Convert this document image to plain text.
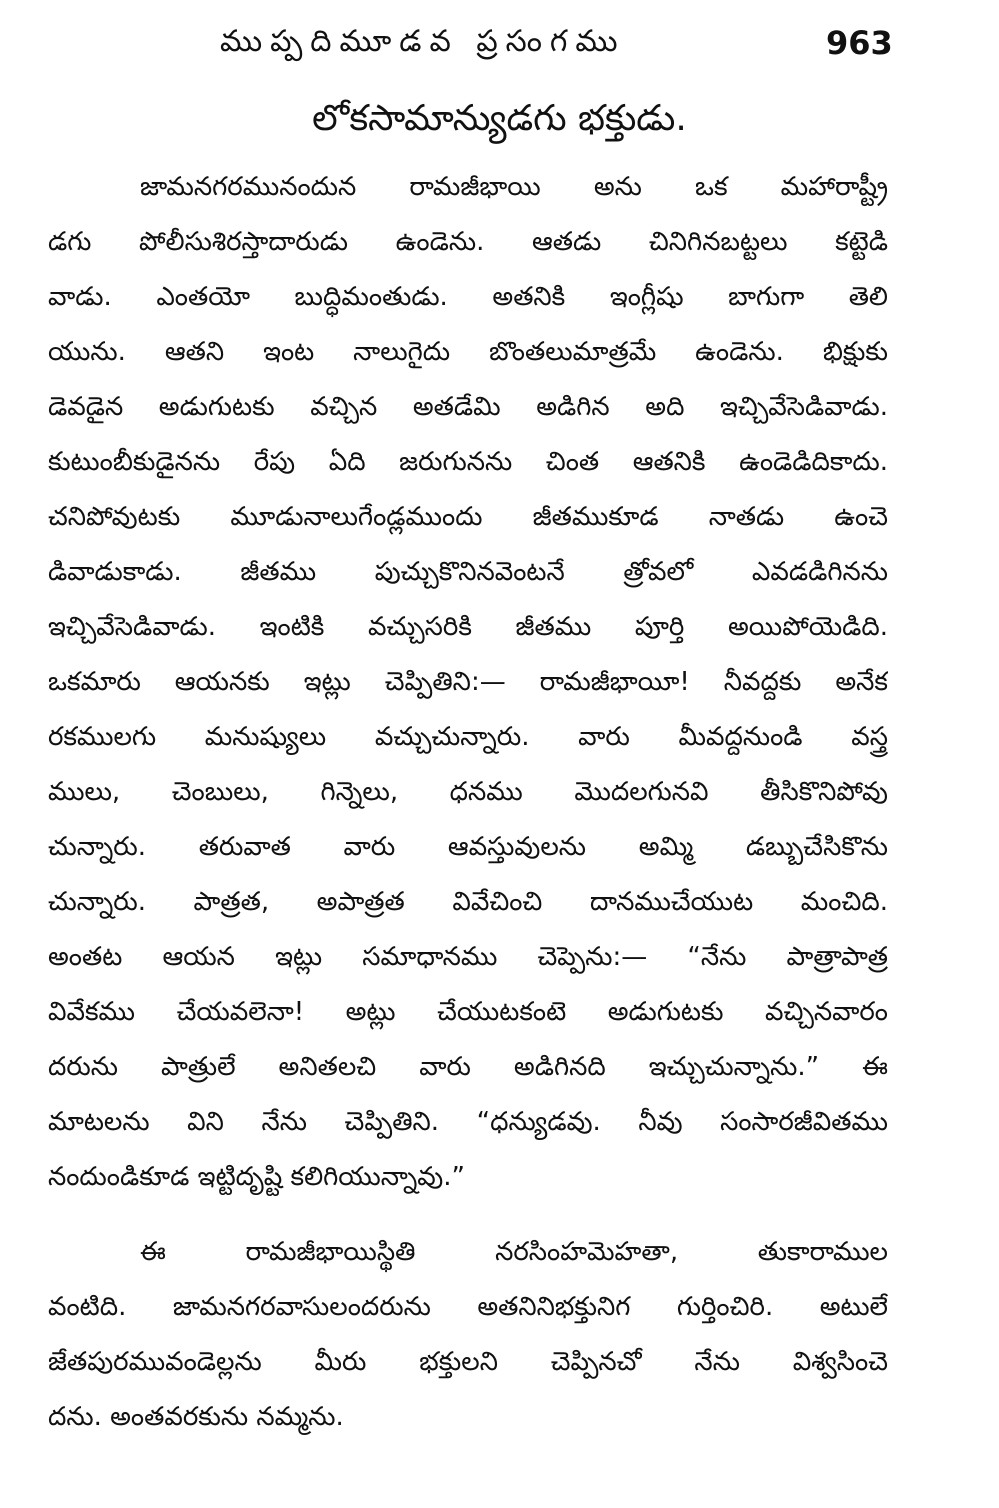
ముప్పదిమూడవ ప్రసంగము	963
లోకసామాన్యుడగు భక్తుడు.
జామనగరమునందున రామజీభాయి అను ఒక మహారాష్ట్రీ
డగు పోలీసుశిరస్తాదారుడు ఉండెను. ఆతడు చినిగినబట్టలు కట్టెడి
వాడు. ఎంతయో బుద్ధిమంతుడు. అతనికి ఇంగ్లీషు బాగుగా తెలి
యును. ఆతని ఇంట నాలుగైదు బొంతలుమాత్రమే ఉండెను. భిక్షుకు
డెవడైన అడుగుటకు వచ్చిన అతడేమి అడిగిన అది ఇచ్చివేసెడివాడు.
కుటుంబీకుడైనను రేపు ఏది జరుగునను చింత ఆతనికి ఉండెడిదికాదు.
చనిపోవుటకు మూడునాలుగేండ్లముందు జీతముకూడ నాతడు ఉంచె
డివాడుకాడు. జీతము పుచ్చుకొనినవెంటనే త్రోవలో ఎవడడిగినను
ఇచ్చివేసెడివాడు. ఇంటికి వచ్చుసరికి జీతము పూర్తి అయిపోయెడిది.
ఒకమారు ఆయనకు ఇట్లు చెప్పితిని:— రామజీభాయీ! నీవద్దకు అనేక
రకములగు మనుష్యులు వచ్చుచున్నారు. వారు మీవద్దనుండి వస్త్ర
ములు, చెంబులు, గిన్నెలు, ధనము మొదలగునవి తీసికొనిపోవు
చున్నారు. తరువాత వారు ఆవస్తువులను అమ్మి డబ్బుచేసికొను
చున్నారు. పాత్రత, అపాత్రత వివేచించి దానముచేయుట మంచిది.
అంతట ఆయన ఇట్లు సమాధానము చెప్పెను:— “నేను పాత్రాపాత్ర
వివేకము చేయవలెనా! అట్లు చేయుటకంటె అడుగుటకు వచ్చినవారం
దరును పాత్రులే అనితలచి వారు అడిగినది ఇచ్చుచున్నాను.” ఈ
మాటలను విని నేను చెప్పితిని. “ధన్యుడవు. నీవు సంసారజీవితము
నందుండికూడ ఇట్టిదృష్టి కలిగియున్నావు.”
ఈ రామజీభాయిస్థితి నరసింహమెహతా, తుకారాముల
వంటిది. జామనగరవాసులందరును అతనినిభక్తునిగ గుర్తించిరి. అటులే
జేతపురమువండెల్లను మీరు భక్తులని చెప్పినచో నేను విశ్వసించె
దను. అంతవరకును నమ్మను.
